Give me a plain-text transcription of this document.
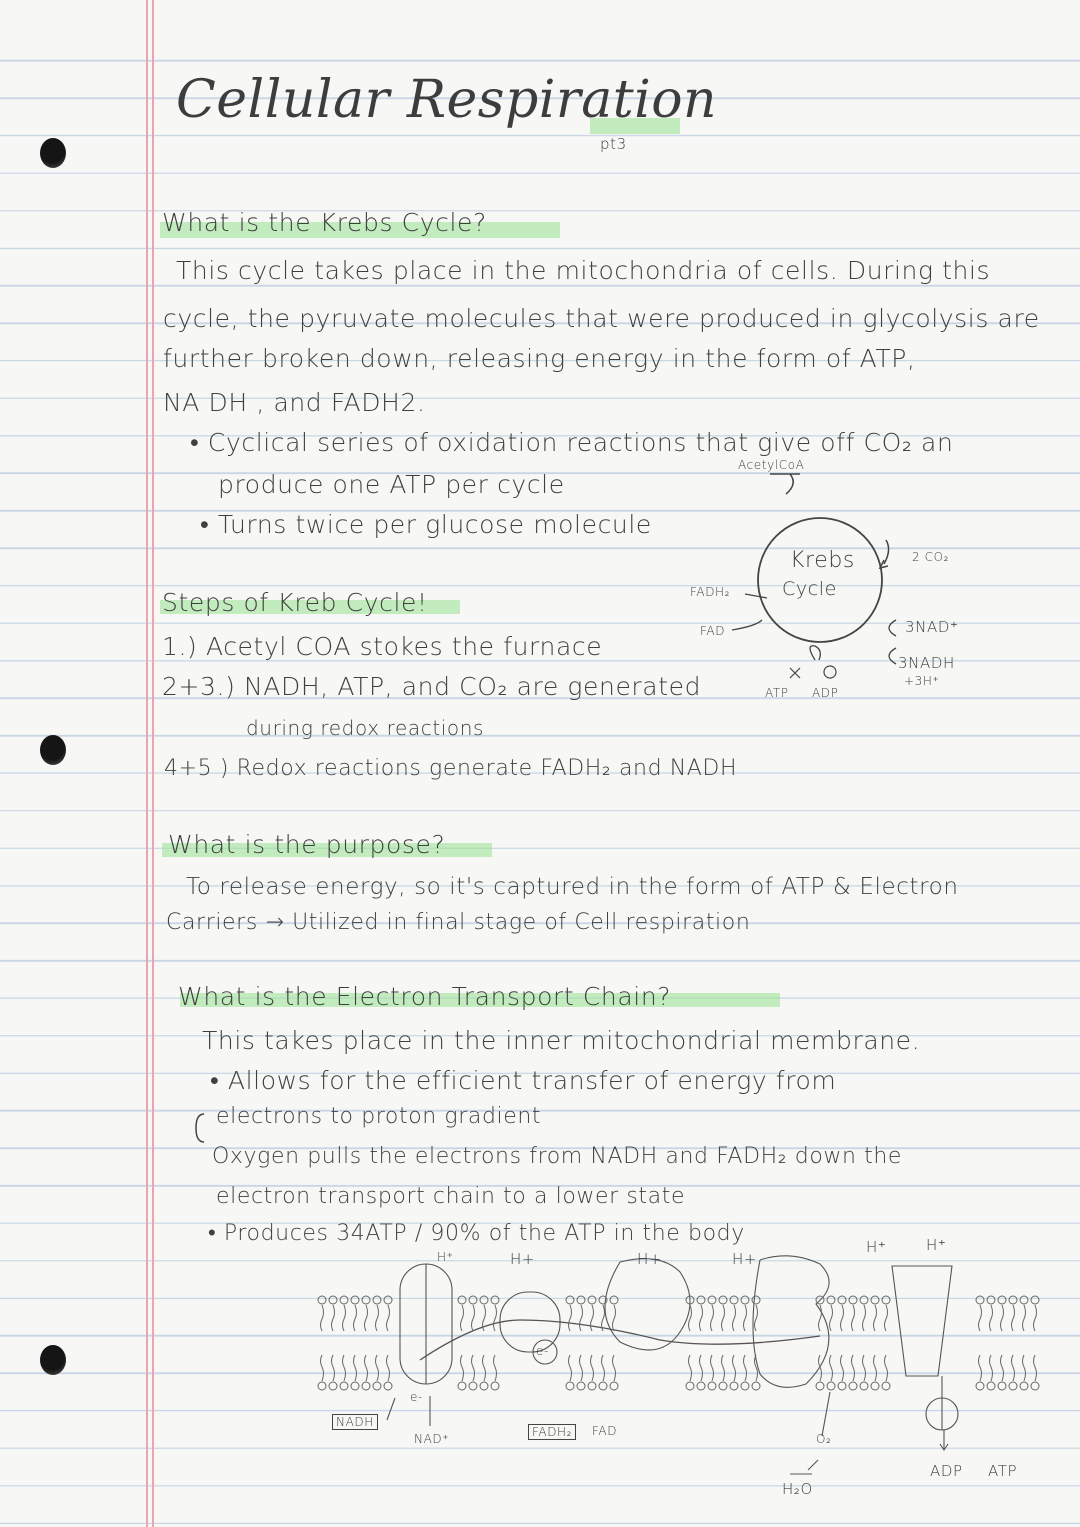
Cellular Respiration
pt3
What is the Krebs Cycle?
This cycle takes place in the mitochondria of cells. During this
cycle, the pyruvate molecules that were produced in glycolysis are
further broken down, releasing energy in the form of ATP,
NA DH , and FADH2.
• Cyclical series of oxidation reactions that give off CO₂ an
produce one ATP per cycle
• Turns twice per glucose molecule
Steps of Kreb Cycle!
1.) Acetyl COA stokes the furnace
2+3.) NADH, ATP, and CO₂ are generated
during redox reactions
4+5 ) Redox reactions generate FADH₂ and NADH
AcetylCoA
Krebs
Cycle
2 CO₂
3NAD⁺
3NADH
+3H⁺
FADH₂
FAD
ATP ADP
What is the purpose?
To release energy, so it's captured in the form of ATP & Electron
Carriers → Utilized in final stage of Cell respiration
What is the Electron Transport Chain?
This takes place in the inner mitochondrial membrane.
• Allows for the efficient transfer of energy from
electrons to proton gradient
Oxygen pulls the electrons from NADH and FADH₂ down the
electron transport chain to a lower state
• Produces 34ATP / 90% of the ATP in the body
H⁺	H+	H+	H+
H⁺	H⁺
e-
e-
NADH
NAD⁺	FADH₂	FAD
O₂
H₂O
ADP ATP
